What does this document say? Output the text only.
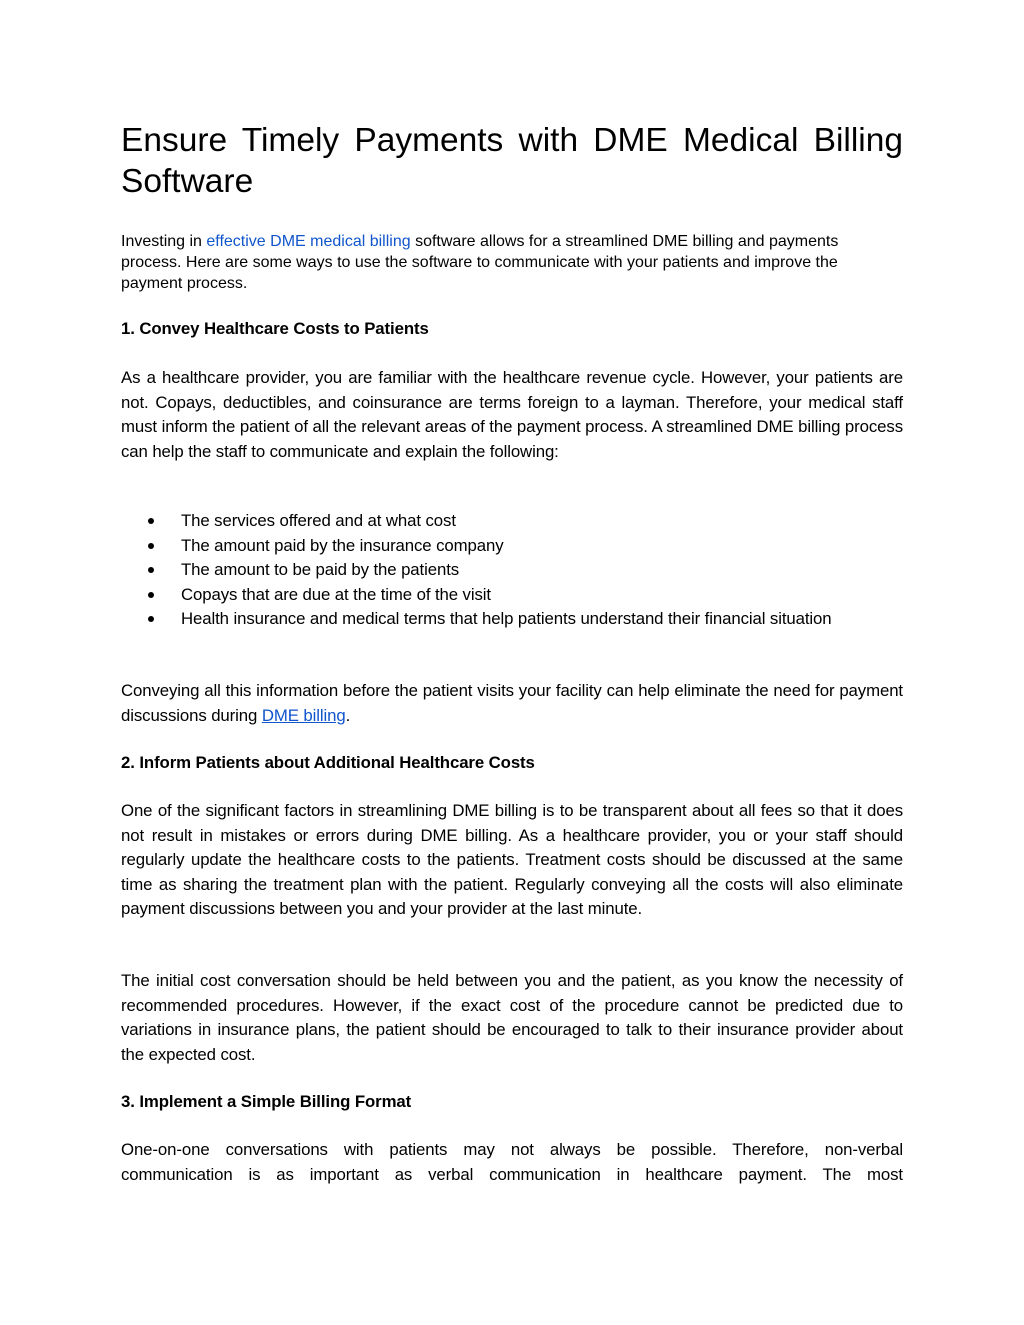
Ensure Timely Payments with DME Medical Billing Software

Investing in effective DME medical billing software allows for a streamlined DME billing and payments process. Here are some ways to use the software to communicate with your patients and improve the payment process.

1. Convey Healthcare Costs to Patients

As a healthcare provider, you are familiar with the healthcare revenue cycle. However, your patients are not. Copays, deductibles, and coinsurance are terms foreign to a layman. Therefore, your medical staff must inform the patient of all the relevant areas of the payment process. A streamlined DME billing process can help the staff to communicate and explain the following:

The services offered and at what cost
The amount paid by the insurance company
The amount to be paid by the patients
Copays that are due at the time of the visit
Health insurance and medical terms that help patients understand their financial situation

Conveying all this information before the patient visits your facility can help eliminate the need for payment discussions during DME billing.

2. Inform Patients about Additional Healthcare Costs

One of the significant factors in streamlining DME billing is to be transparent about all fees so that it does not result in mistakes or errors during DME billing. As a healthcare provider, you or your staff should regularly update the healthcare costs to the patients. Treatment costs should be discussed at the same time as sharing the treatment plan with the patient. Regularly conveying all the costs will also eliminate payment discussions between you and your provider at the last minute.

The initial cost conversation should be held between you and the patient, as you know the necessity of recommended procedures. However, if the exact cost of the procedure cannot be predicted due to variations in insurance plans, the patient should be encouraged to talk to their insurance provider about the expected cost.

3. Implement a Simple Billing Format

One-on-one conversations with patients may not always be possible. Therefore, non-verbal communication is as important as verbal communication in healthcare payment. The most
